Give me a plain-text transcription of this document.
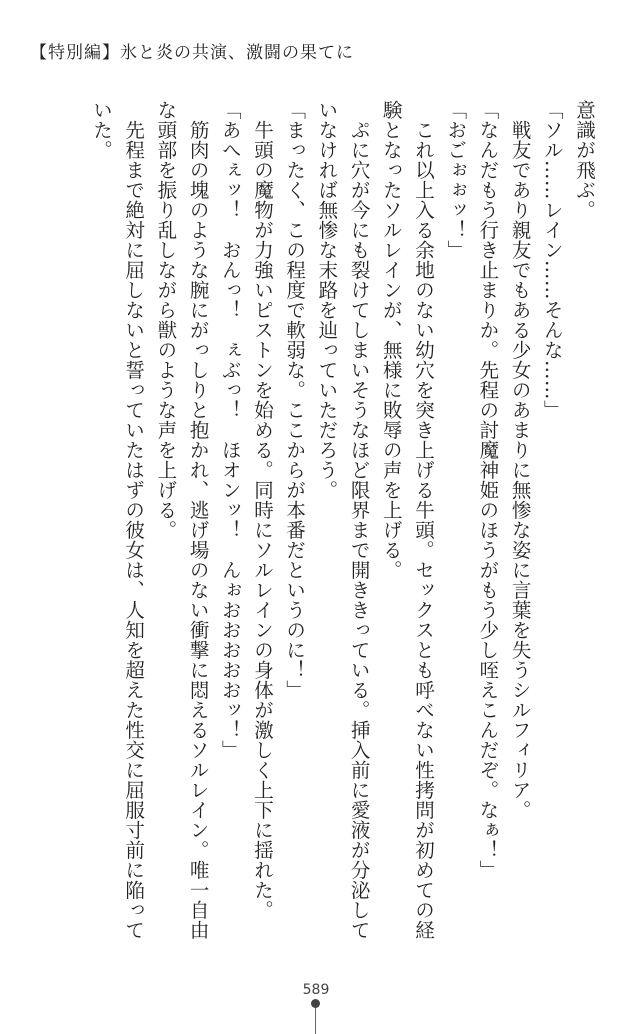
【特別編】氷と炎の共演、激闘の果てに

意識が飛ぶ。

「ソル……レイン……そんな……」

　戦友であり親友でもある少女のあまりに無惨な姿に言葉を失うシルフィリア。

「なんだもう行き止まりか。先程の討魔神姫のほうがもう少し咥えこんだぞ。なぁ！」

「おごぉぉッ！」

　これ以上入る余地のない幼穴を突き上げる牛頭。セックスとも呼べない性拷問が初めての経験となったソルレインが、無様に敗辱の声を上げる。

　ぷに穴が今にも裂けてしまいそうなほど限界まで開ききっている。挿入前に愛液が分泌していなければ無惨な末路を辿っていただろう。

「まったく、この程度で軟弱な。ここからが本番だというのに！」

　牛頭の魔物が力強いピストンを始める。同時にソルレインの身体が激しく上下に揺れた。

「あへぇッ！　おんっ！　ぇぶっ！　ほオンッ！　んぉおおおおおッ！」

　筋肉の塊のような腕にがっしりと抱かれ、逃げ場のない衝撃に悶えるソルレイン。唯一自由な頭部を振り乱しながら獣のような声を上げる。

　先程まで絶対に屈しないと誓っていたはずの彼女は、人知を超えた性交に屈服寸前に陥っていた。

589
